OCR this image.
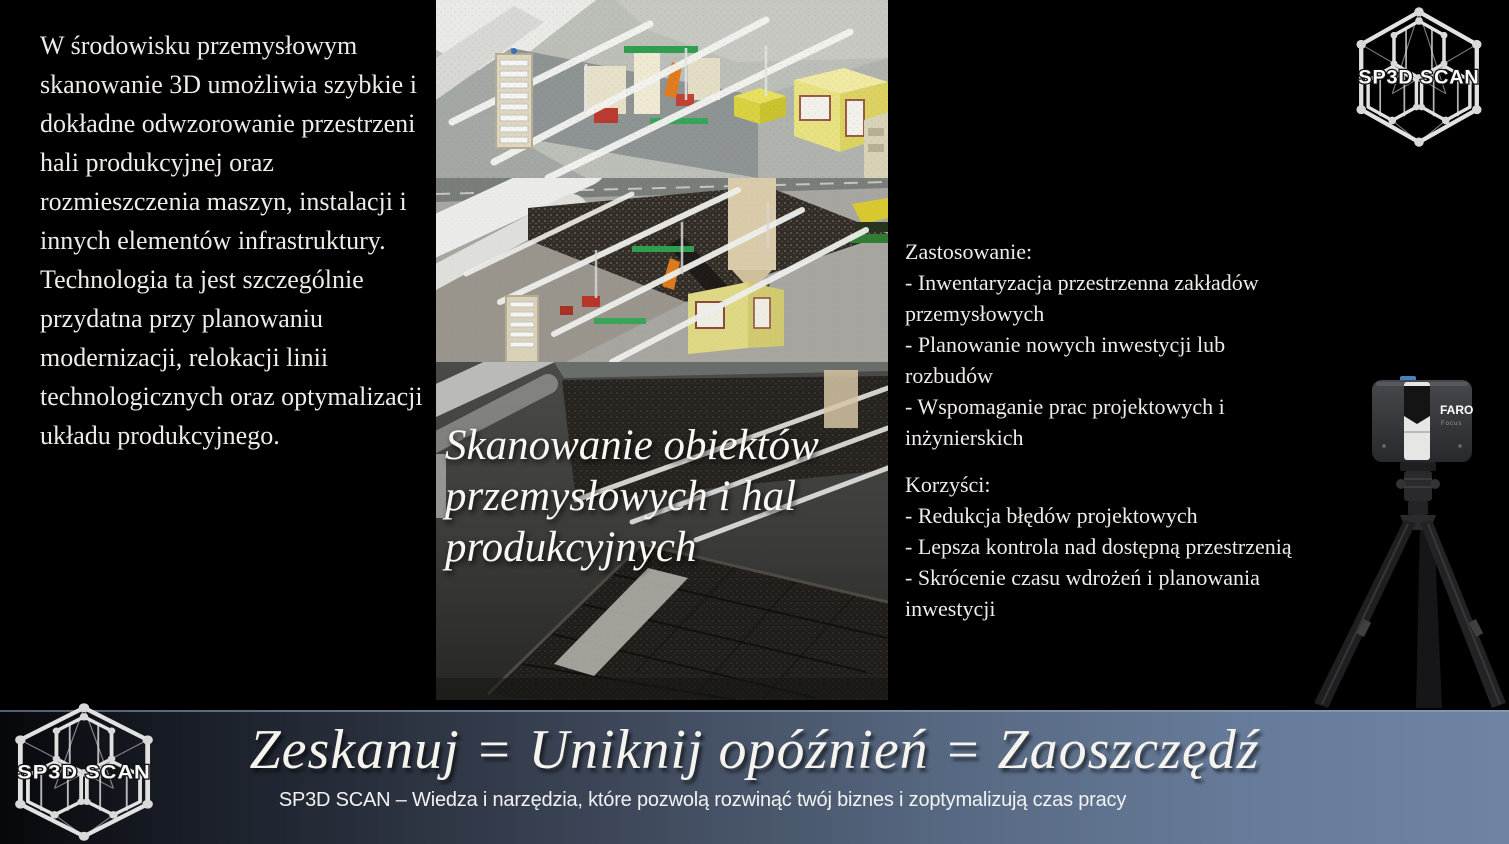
W środowisku przemysłowym skanowanie 3D umożliwia szybkie i dokładne odwzorowanie przestrzeni hali produkcyjnej oraz rozmieszczenia maszyn, instalacji i innych elementów infrastruktury. Technologia ta jest szczególnie przydatna przy planowaniu modernizacji, relokacji linii technologicznych oraz optymalizacji układu produkcyjnego.	Skanowanie obiektów
przemysłowych i hal
produkcyjnych
Zastosowanie:
- Inwentaryzacja przestrzenna zakładów przemysłowych
- Planowanie nowych inwestycji lub rozbudów
- Wspomaganie prac projektowych i inżynierskich
Korzyści:
- Redukcja błędów projektowych
- Lepsza kontrola nad dostępną przestrzenią
- Skrócenie czasu wdrożeń i planowania inwestycji
SP3D SCAN
FARO
Focus
Zeskanuj = Uniknij opóźnień = Zaoszczędź
SP3D SCAN – Wiedza i narzędzia, które pozwolą rozwinąć twój biznes i zoptymalizują czas pracy
SP3D SCAN
